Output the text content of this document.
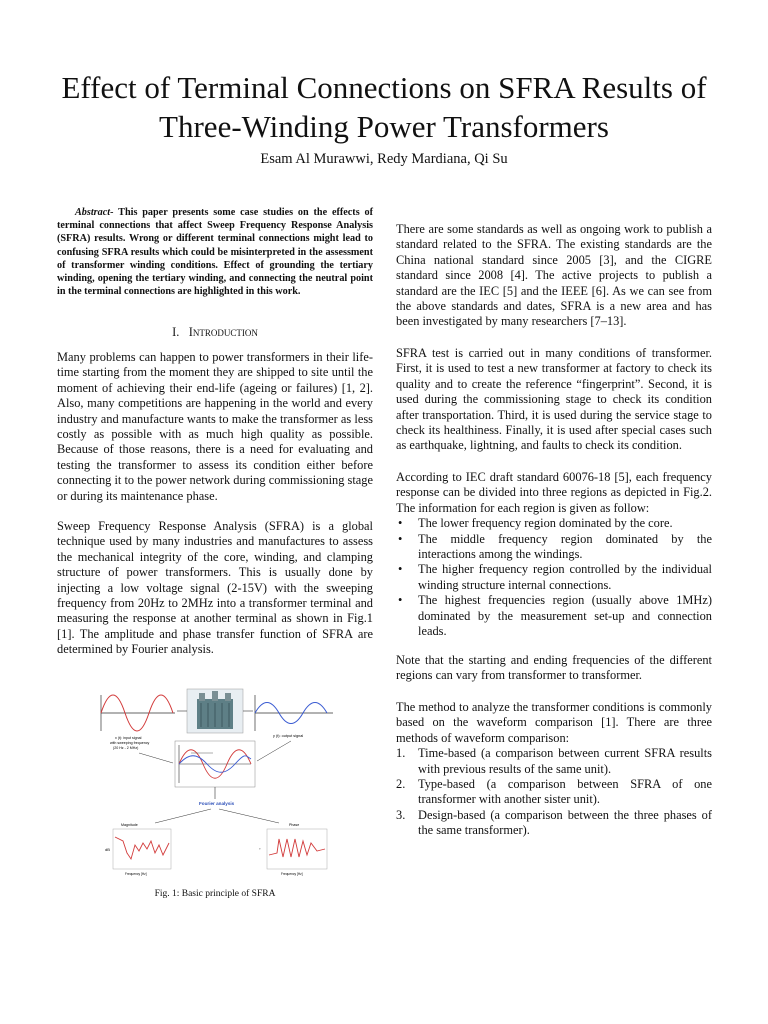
Effect of Terminal Connections on SFRA Results of
Three-Winding Power Transformers
Esam Al Murawwi, Redy Mardiana, Qi Su

Abstract- This paper presents some case studies on the effects of terminal connections that affect Sweep Frequency Response Analysis (SFRA) results. Wrong or different terminal connections might lead to confusing SFRA results which could be misinterpreted in the assessment of transformer winding conditions. Effect of grounding the tertiary winding, opening the tertiary winding, and connecting the neutral point in the terminal connections are highlighted in this work.

I. Introduction

Many problems can happen to power transformers in their life-time starting from the moment they are shipped to site until the moment of achieving their end-life (ageing or failures) [1, 2]. Also, many competitions are happening in the world and every industry and manufacture wants to make the transformer as less costly as possible with as much high quality as possible. Because of those reasons, there is a need for evaluating and testing the transformer to assess its condition either before connecting it to the power network during commissioning stage or during its maintenance phase.

Sweep Frequency Response Analysis (SFRA) is a global technique used by many industries and manufactures to assess the mechanical integrity of the core, winding, and clamping structure of power transformers. This is usually done by injecting a low voltage signal (2-15V) with the sweeping frequency from 20Hz to 2MHz into a transformer terminal and measuring the response at another terminal as shown in Fig.1 [1]. The amplitude and phase transfer function of SFRA are determined by Fourier analysis.

x (t): input signal
with sweeping frequency
(20 Hz - 2 MHz)
y (t): output signal
Fourier analysis
Magnitude
dB
Frequency [Hz]
Phase
°
Frequency [Hz]
Fig. 1: Basic principle of SFRA

There are some standards as well as ongoing work to publish a standard related to the SFRA. The existing standards are the China national standard since 2005 [3], and the CIGRE standard since 2008 [4]. The active projects to publish a standard are the IEC [5] and the IEEE [6]. As we can see from the above standards and dates, SFRA is a new area and has been investigated by many researchers [7–13].

SFRA test is carried out in many conditions of transformer. First, it is used to test a new transformer at factory to check its quality and to create the reference “fingerprint”. Second, it is used during the commissioning stage to check its condition after transportation. Third, it is used during the service stage to check its healthiness. Finally, it is used after special cases such as earthquake, lightning, and faults to check its condition.

According to IEC draft standard 60076-18 [5], each frequency response can be divided into three regions as depicted in Fig.2. The information for each region is given as follow:

• The lower frequency region dominated by the core.
• The middle frequency region dominated by the interactions among the windings.
• The higher frequency region controlled by the individual winding structure internal connections.
• The highest frequencies region (usually above 1MHz) dominated by the measurement set-up and connection leads.

Note that the starting and ending frequencies of the different regions can vary from transformer to transformer.

The method to analyze the transformer conditions is commonly based on the waveform comparison [1]. There are three methods of waveform comparison:

1. Time-based (a comparison between current SFRA results with previous results of the same unit).
2. Type-based (a comparison between SFRA of one transformer with another sister unit).
3. Design-based (a comparison between the three phases of the same transformer).
